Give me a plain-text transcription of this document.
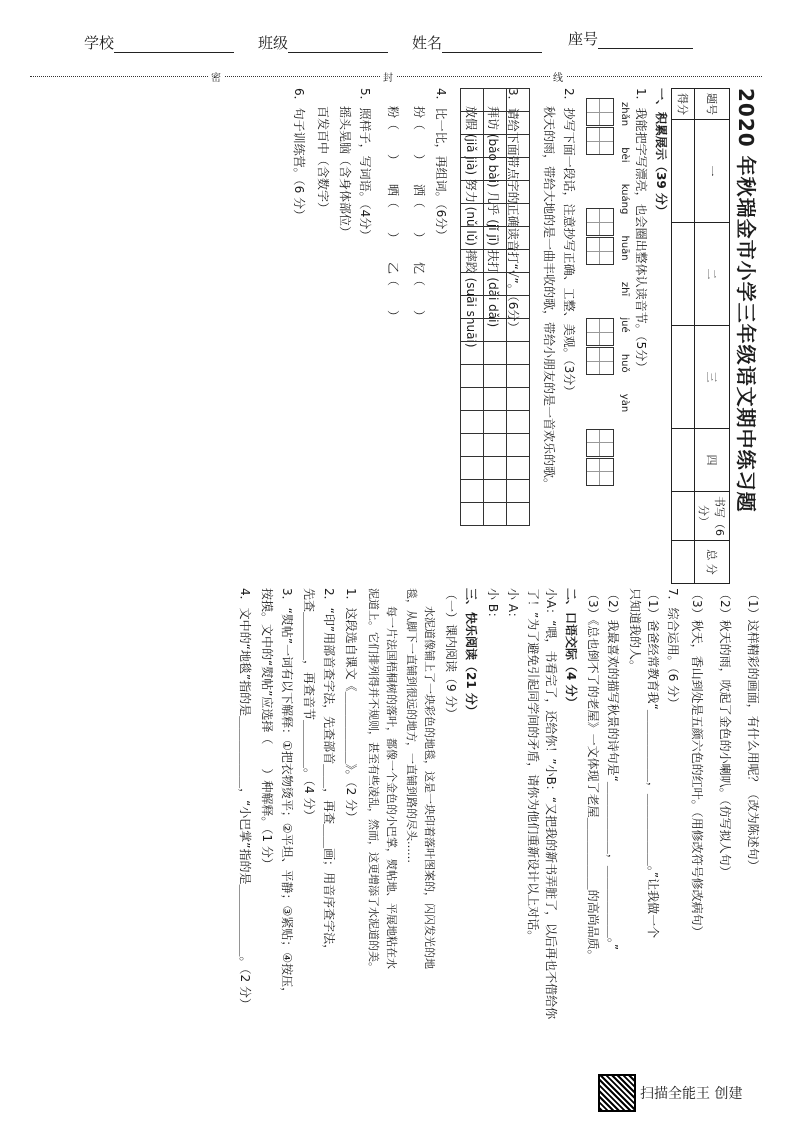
学校	班级	姓名	座号
密	封	线
2020 年秋瑞金市小学三年级语文期中练习题
题号	一	二	三	四	书写（6分）	总 分
得分						
一、积累展示（39 分）
1．我能把字写漂亮，也会圈出整体认读音节。（5分）
zhǎn bèi kuáng huān zhī jué huǒ yàn

2．抄写下面一段话，注意抄写正确、工整、美观。（3分）
秋天的雨，带给大地的是一曲丰收的歌，带给小朋友的是一首欢乐的歌。
3．请给下面带点字的正确读音打“√”。（6分）
拜访 (bǎo bài) 几乎 (jǐ jī) 扶打 (dǎi dǎi)
放假 (jiǎ jià) 努力 (nǔ lǔ) 摔跤 (suāi shuāi)

4．比一比，再组词。（6分）
扮（　　）　　洒（　　）　　忆（　　）
粉（　　）　　晒（　　）　　乙（　　）
5．照样子，写词语。（4分）
摇头晃脑（含身体部位）
百发百中（含数字）
6．句子训练营。（6 分）
（1）这样精彩的画面，有什么用呢？（改为陈述句）
（2）秋天的雨，吹起了金色的小喇叭。（仿写拟人句）
（3）秋天，香山到处是五颜六色的红叶。（用修改符号修改病句）
7．综合运用。（6 分）
（1）爸爸经常教育我“＿＿＿＿＿＿，＿＿＿＿＿＿。”让我做一个
只知道我的人。
（2）我最喜欢的描写秋景的诗句是“＿＿＿＿＿＿，＿＿＿＿＿＿。”
（3）《总也倒不了的老屋》一文体现了老屋＿＿＿＿＿＿的高尚品质。
二、口语交际（4 分）
小A：“喂，书看完了，还给你！”小B：“又把我的新书弄脏了，以后再也不借给你了！”为了避免引起同学间的矛盾，请你为他们重新设计以上对话。
小 A：
小 B：
三、快乐阅读（21 分）
（一）课内阅读（9 分）
水泥道像铺上了一块彩色的地毯，这是一块印着落叶图案的，闪闪发光的地
毯，从脚下一直铺到很远的地方，一直铺到路的尽头……
每一片法国梧桐树的落叶，都像一个金色的小巴掌，熨帖地、平展地粘在水
泥道上。它们排列得并不规则，甚至有些凌乱，然而，这更增添了水泥道的美。
1．这段选自课文《＿＿＿＿＿＿》。（2 分）
2．“印”用部首查字法，先查部首＿＿，再查＿＿画；用音序查字法，
先查＿＿＿＿，再查音节＿＿＿＿。（4 分）
3．“熨帖”一词有以下解释：①把衣物烫平；②平坦、平静；③紧贴；④按压，
按摸。文中的“熨帖”应选择（　　）种解释。（1 分）
4．文中的“地毯”指的是＿＿＿＿＿＿，“小巴掌”指的是＿＿＿＿＿＿。（2 分）
扫描全能王 创建
